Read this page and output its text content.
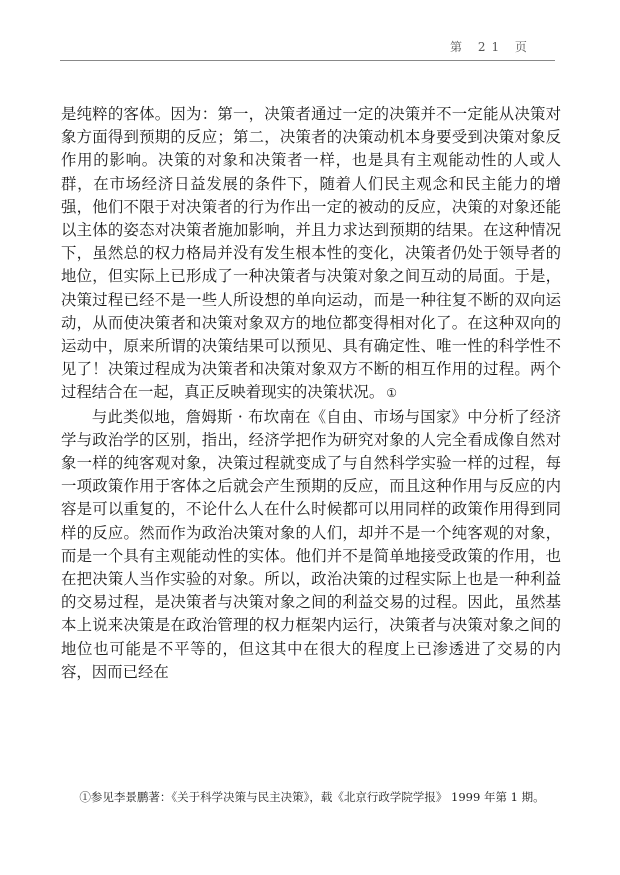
第 21 页

是纯粹的客体。因为：第一，决策者通过一定的决策并不一定能从决策对象方面得到预期的反应；第二，决策者的决策动机本身要受到决策对象反作用的影响。决策的对象和决策者一样，也是具有主观能动性的人或人群，在市场经济日益发展的条件下，随着人们民主观念和民主能力的增强，他们不限于对决策者的行为作出一定的被动的反应，决策的对象还能以主体的姿态对决策者施加影响，并且力求达到预期的结果。在这种情况下，虽然总的权力格局并没有发生根本性的变化，决策者仍处于领导者的地位，但实际上已形成了一种决策者与决策对象之间互动的局面。于是，决策过程已经不是一些人所设想的单向运动，而是一种往复不断的双向运动，从而使决策者和决策对象双方的地位都变得相对化了。在这种双向的运动中，原来所谓的决策结果可以预见、具有确定性、唯一性的科学性不见了！决策过程成为决策者和决策对象双方不断的相互作用的过程。两个过程结合在一起，真正反映着现实的决策状况。 ①

与此类似地，詹姆斯 · 布坎南在《自由、市场与国家》中分析了经济学与政治学的区别，指出，经济学把作为研究对象的人完全看成像自然对象一样的纯客观对象，决策过程就变成了与自然科学实验一样的过程，每一项政策作用于客体之后就会产生预期的反应，而且这种作用与反应的内容是可以重复的，不论什么人在什么时候都可以用同样的政策作用得到同样的反应。然而作为政治决策对象的人们，却并不是一个纯客观的对象，而是一个具有主观能动性的实体。他们并不是简单地接受政策的作用，也在把决策人当作实验的对象。所以，政治决策的过程实际上也是一种利益的交易过程，是决策者与决策对象之间的利益交易的过程。因此，虽然基本上说来决策是在政治管理的权力框架内运行，决策者与决策对象之间的地位也可能是不平等的，但这其中在很大的程度上已渗透进了交易的内容，因而已经在

①参见李景鹏著：《关于科学决策与民主决策》，载《北京行政学院学报》 1999 年第 1 期。
